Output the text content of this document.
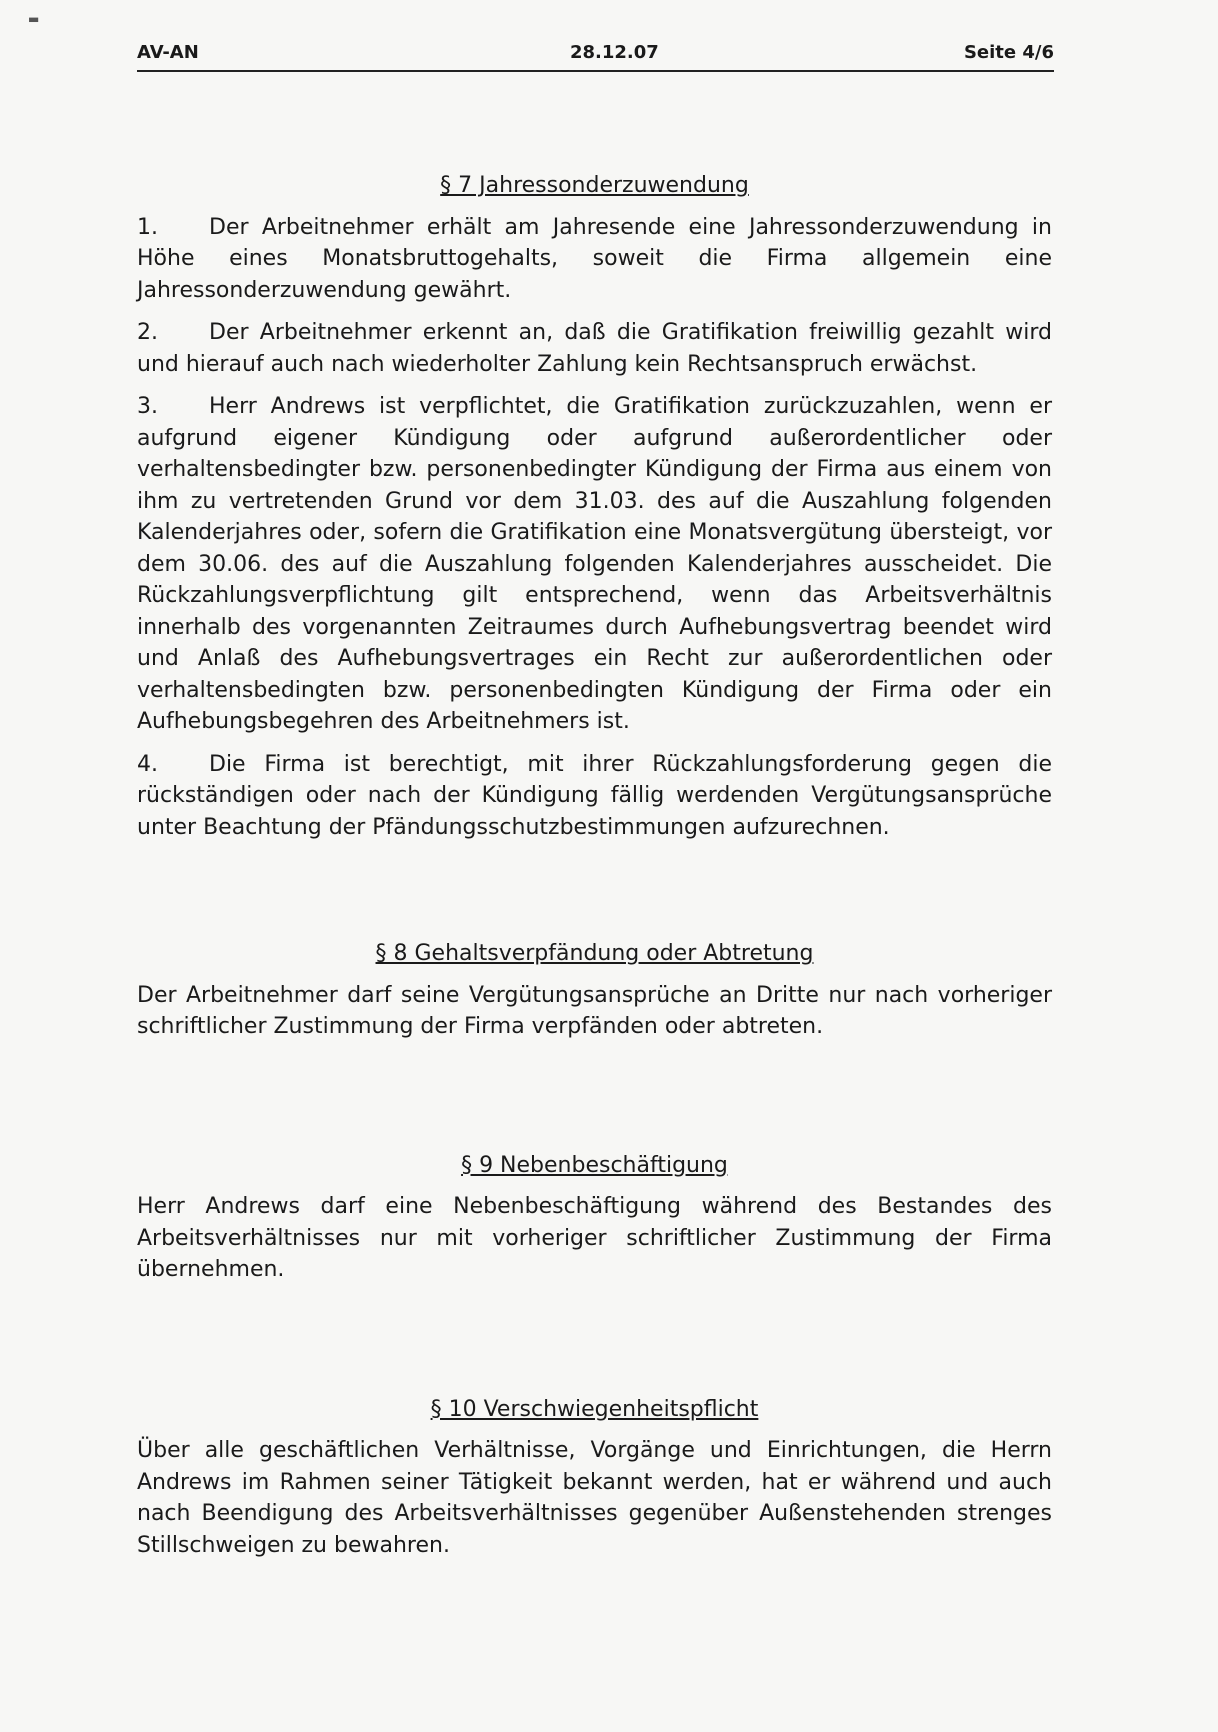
▬
AV-AN	28.12.07	Seite 4/6
§ 7 Jahressonderzuwendung

1. Der Arbeitnehmer erhält am Jahresende eine Jahressonderzuwendung in Höhe eines Monatsbruttogehalts, soweit die Firma allgemein eine Jahressonderzuwendung gewährt.

2. Der Arbeitnehmer erkennt an, daß die Gratifikation freiwillig gezahlt wird und hierauf auch nach wiederholter Zahlung kein Rechtsanspruch erwächst.

3. Herr Andrews ist verpflichtet, die Gratifikation zurückzuzahlen, wenn er aufgrund eigener Kündigung oder aufgrund außerordentlicher oder verhaltensbedingter bzw. personenbedingter Kündigung der Firma aus einem von ihm zu vertretenden Grund vor dem 31.03. des auf die Auszahlung folgenden Kalenderjahres oder, sofern die Gratifikation eine Monatsvergütung übersteigt, vor dem 30.06. des auf die Auszahlung folgenden Kalenderjahres ausscheidet. Die Rückzahlungsverpflichtung gilt entsprechend, wenn das Arbeitsverhältnis innerhalb des vorgenannten Zeitraumes durch Aufhebungsvertrag beendet wird und Anlaß des Aufhebungsvertrages ein Recht zur außerordentlichen oder verhaltensbedingten bzw. personenbedingten Kündigung der Firma oder ein Aufhebungsbegehren des Arbeitnehmers ist.

4. Die Firma ist berechtigt, mit ihrer Rückzahlungsforderung gegen die rückständigen oder nach der Kündigung fällig werdenden Vergütungsansprüche unter Beachtung der Pfändungsschutzbestimmungen aufzurechnen.

§ 8 Gehaltsverpfändung oder Abtretung

Der Arbeitnehmer darf seine Vergütungsansprüche an Dritte nur nach vorheriger schriftlicher Zustimmung der Firma verpfänden oder abtreten.

§ 9 Nebenbeschäftigung

Herr Andrews darf eine Nebenbeschäftigung während des Bestandes des Arbeitsverhältnisses nur mit vorheriger schriftlicher Zustimmung der Firma übernehmen.

§ 10 Verschwiegenheitspflicht

Über alle geschäftlichen Verhältnisse, Vorgänge und Einrichtungen, die Herrn Andrews im Rahmen seiner Tätigkeit bekannt werden, hat er während und auch nach Beendigung des Arbeitsverhältnisses gegenüber Außenstehenden strenges Stillschweigen zu bewahren.
